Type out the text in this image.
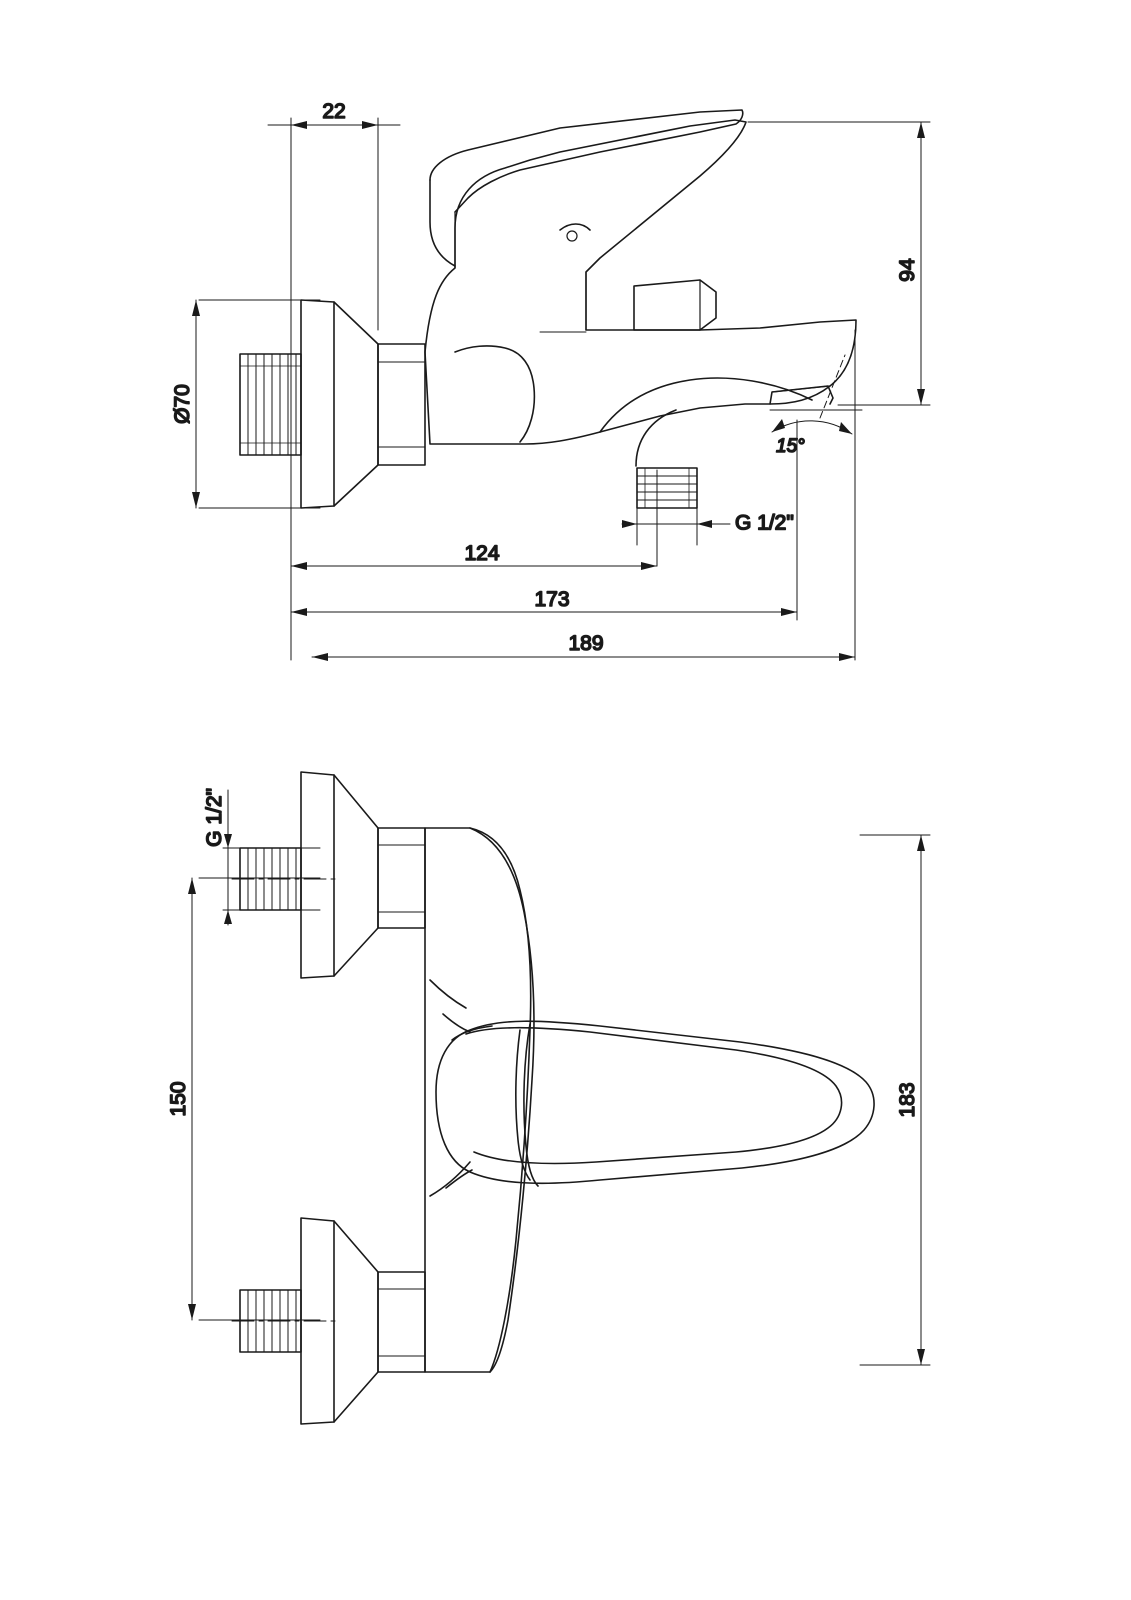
22
94
Ø70
G 1/2"
15°
124
173
189
G 1/2"
150	183
